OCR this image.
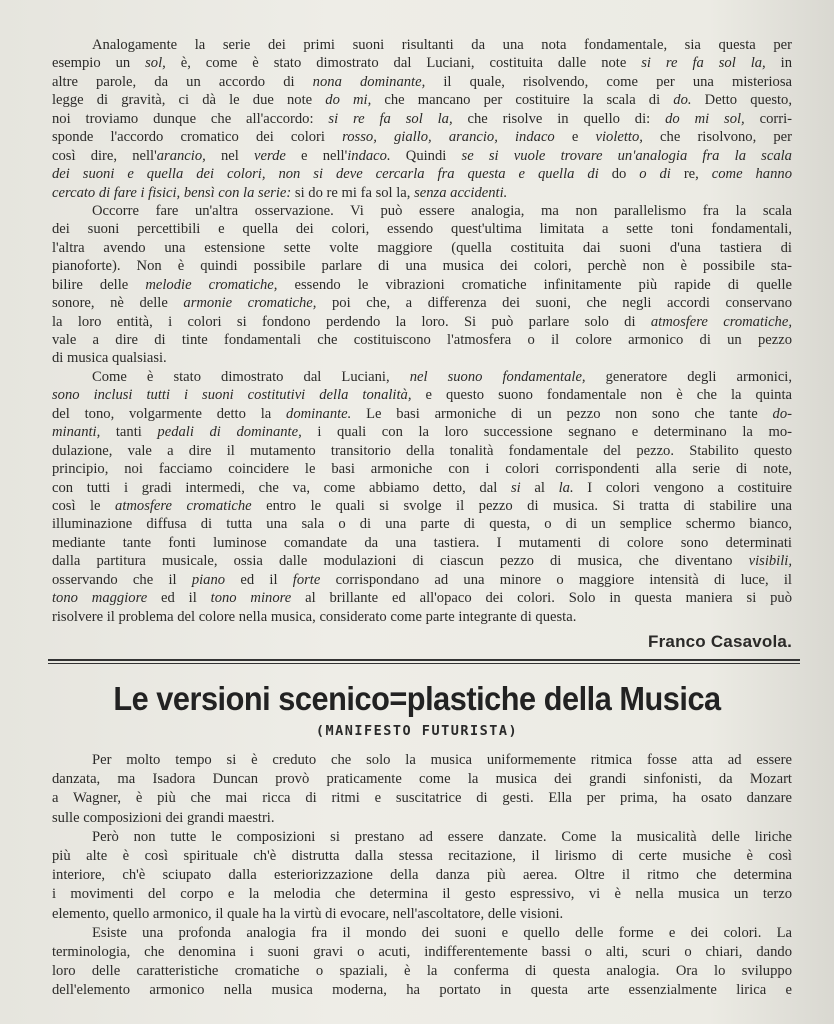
Analogamente la serie dei primi suoni risultanti da una nota fondamentale, sia questa per
esempio un sol, è, come è stato dimostrato dal Luciani, costituita dalle note si re fa sol la, in
altre parole, da un accordo di nona dominante, il quale, risolvendo, come per una misteriosa
legge di gravità, ci dà le due note do mi, che mancano per costituire la scala di do. Detto questo,
noi troviamo dunque che all'accordo: si re fa sol la, che risolve in quello di: do mi sol, corri-
sponde l'accordo cromatico dei colori rosso, giallo, arancio, indaco e violetto, che risolvono, per
così dire, nell'arancio, nel verde e nell'indaco. Quindi se si vuole trovare un'analogia fra la scala
dei suoni e quella dei colori, non si deve cercarla fra questa e quella di do o di re, come hanno
cercato di fare i fisici, bensì con la serie: si do re mi fa sol la, senza accidenti.
Occorre fare un'altra osservazione. Vi può essere analogia, ma non parallelismo fra la scala
dei suoni percettibili e quella dei colori, essendo quest'ultima limitata a sette toni fondamentali,
l'altra avendo una estensione sette volte maggiore (quella costituita dai suoni d'una tastiera di
pianoforte). Non è quindi possibile parlare di una musica dei colori, perchè non è possibile sta-
bilire delle melodie cromatiche, essendo le vibrazioni cromatiche infinitamente più rapide di quelle
sonore, nè delle armonie cromatiche, poi che, a differenza dei suoni, che negli accordi conservano
la loro entità, i colori si fondono perdendo la loro. Si può parlare solo di atmosfere cromatiche,
vale a dire di tinte fondamentali che costituiscono l'atmosfera o il colore armonico di un pezzo
di musica qualsiasi.
Come è stato dimostrato dal Luciani, nel suono fondamentale, generatore degli armonici,
sono inclusi tutti i suoni costitutivi della tonalità, e questo suono fondamentale non è che la quinta
del tono, volgarmente detto la dominante. Le basi armoniche di un pezzo non sono che tante do-
minanti, tanti pedali di dominante, i quali con la loro successione segnano e determinano la mo-
dulazione, vale a dire il mutamento transitorio della tonalità fondamentale del pezzo. Stabilito questo
principio, noi facciamo coincidere le basi armoniche con i colori corrispondenti alla serie di note,
con tutti i gradi intermedi, che va, come abbiamo detto, dal si al la. I colori vengono a costituire
così le atmosfere cromatiche entro le quali si svolge il pezzo di musica. Si tratta di stabilire una
illuminazione diffusa di tutta una sala o di una parte di questa, o di un semplice schermo bianco,
mediante tante fonti luminose comandate da una tastiera. I mutamenti di colore sono determinati
dalla partitura musicale, ossia dalle modulazioni di ciascun pezzo di musica, che diventano visibili,
osservando che il piano ed il forte corrispondano ad una minore o maggiore intensità di luce, il
tono maggiore ed il tono minore al brillante ed all'opaco dei colori. Solo in questa maniera si può
risolvere il problema del colore nella musica, considerato come parte integrante di questa.
Franco Casavola.
Le versioni scenico=plastiche della Musica
(MANIFESTO FUTURISTA)
Per molto tempo si è creduto che solo la musica uniformemente ritmica fosse atta ad essere
danzata, ma Isadora Duncan provò praticamente come la musica dei grandi sinfonisti, da Mozart
a Wagner, è più che mai ricca di ritmi e suscitatrice di gesti. Ella per prima, ha osato danzare
sulle composizioni dei grandi maestri.
Però non tutte le composizioni si prestano ad essere danzate. Come la musicalità delle liriche
più alte è così spirituale ch'è distrutta dalla stessa recitazione, il lirismo di certe musiche è così
interiore, ch'è sciupato dalla esteriorizzazione della danza più aerea. Oltre il ritmo che determina
i movimenti del corpo e la melodia che determina il gesto espressivo, vi è nella musica un terzo
elemento, quello armonico, il quale ha la virtù di evocare, nell'ascoltatore, delle visioni.
Esiste una profonda analogia fra il mondo dei suoni e quello delle forme e dei colori. La
terminologia, che denomina i suoni gravi o acuti, indifferentemente bassi o alti, scuri o chiari, dando
loro delle caratteristiche cromatiche o spaziali, è la conferma di questa analogia. Ora lo sviluppo
dell'elemento armonico nella musica moderna, ha portato in questa arte essenzialmente lirica e
